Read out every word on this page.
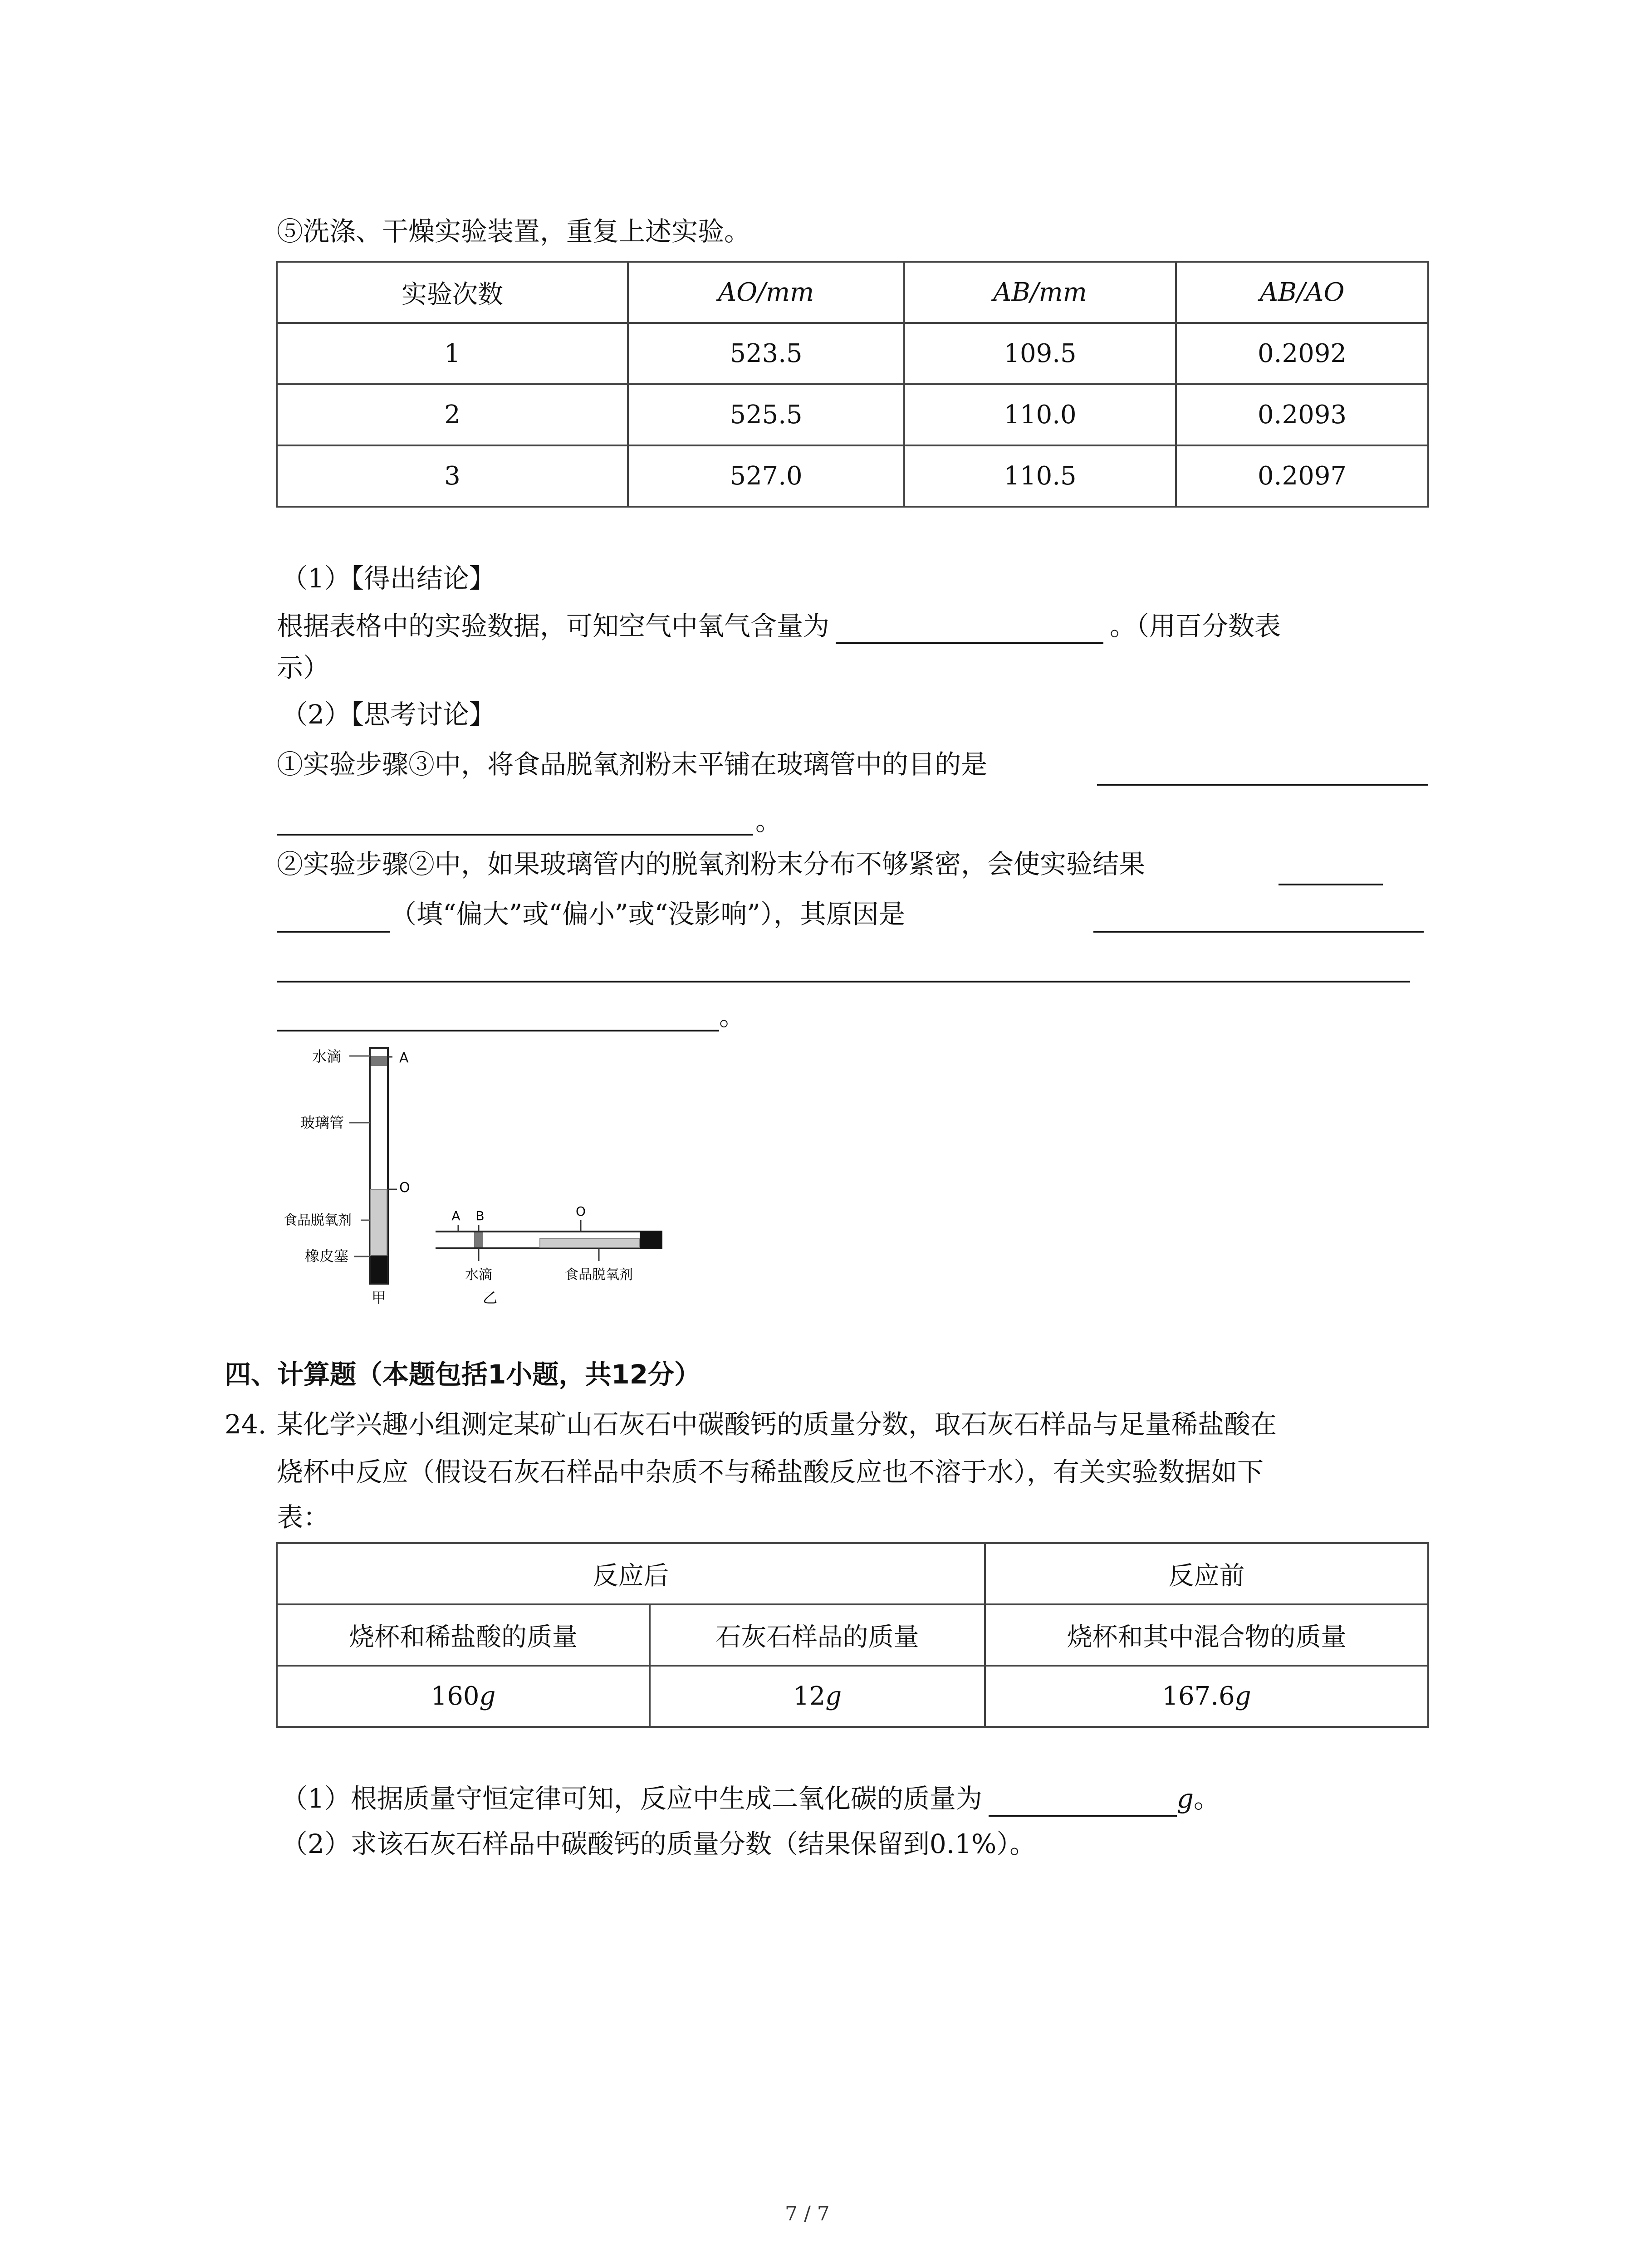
⑤洗涤、干燥实验装置，重复上述实验。
实验次数	AO/mm	AB/mm	AB/AO
1	523.5	109.5	0.2092
2	525.5	110.0	0.2093
3	527.0	110.5	0.2097
（1）【得出结论】
根据表格中的实验数据，可知空气中氧气含量为	。（用百分数表
示）
（2）【思考讨论】
①实验步骤③中，将食品脱氧剂粉末平铺在玻璃管中的目的是
。
②实验步骤②中，如果玻璃管内的脱氧剂粉末分布不够紧密，会使实验结果
（填“偏大”或“偏小”或“没影响”），其原因是
。
水滴	A
玻璃管
O
食品脱氧剂
橡皮塞
甲
A B	O
水滴	食品脱氧剂
乙
四、计算题（本题包括1小题，共12分）
24. 某化学兴趣小组测定某矿山石灰石中碳酸钙的质量分数，取石灰石样品与足量稀盐酸在
烧杯中反应（假设石灰石样品中杂质不与稀盐酸反应也不溶于水），有关实验数据如下
表：
反应后		反应前
烧杯和稀盐酸的质量	石灰石样品的质量	烧杯和其中混合物的质量
160g	12g	167.6g
（1）根据质量守恒定律可知，反应中生成二氧化碳的质量为	g。
（2）求该石灰石样品中碳酸钙的质量分数（结果保留到0.1%）。
7 / 7
